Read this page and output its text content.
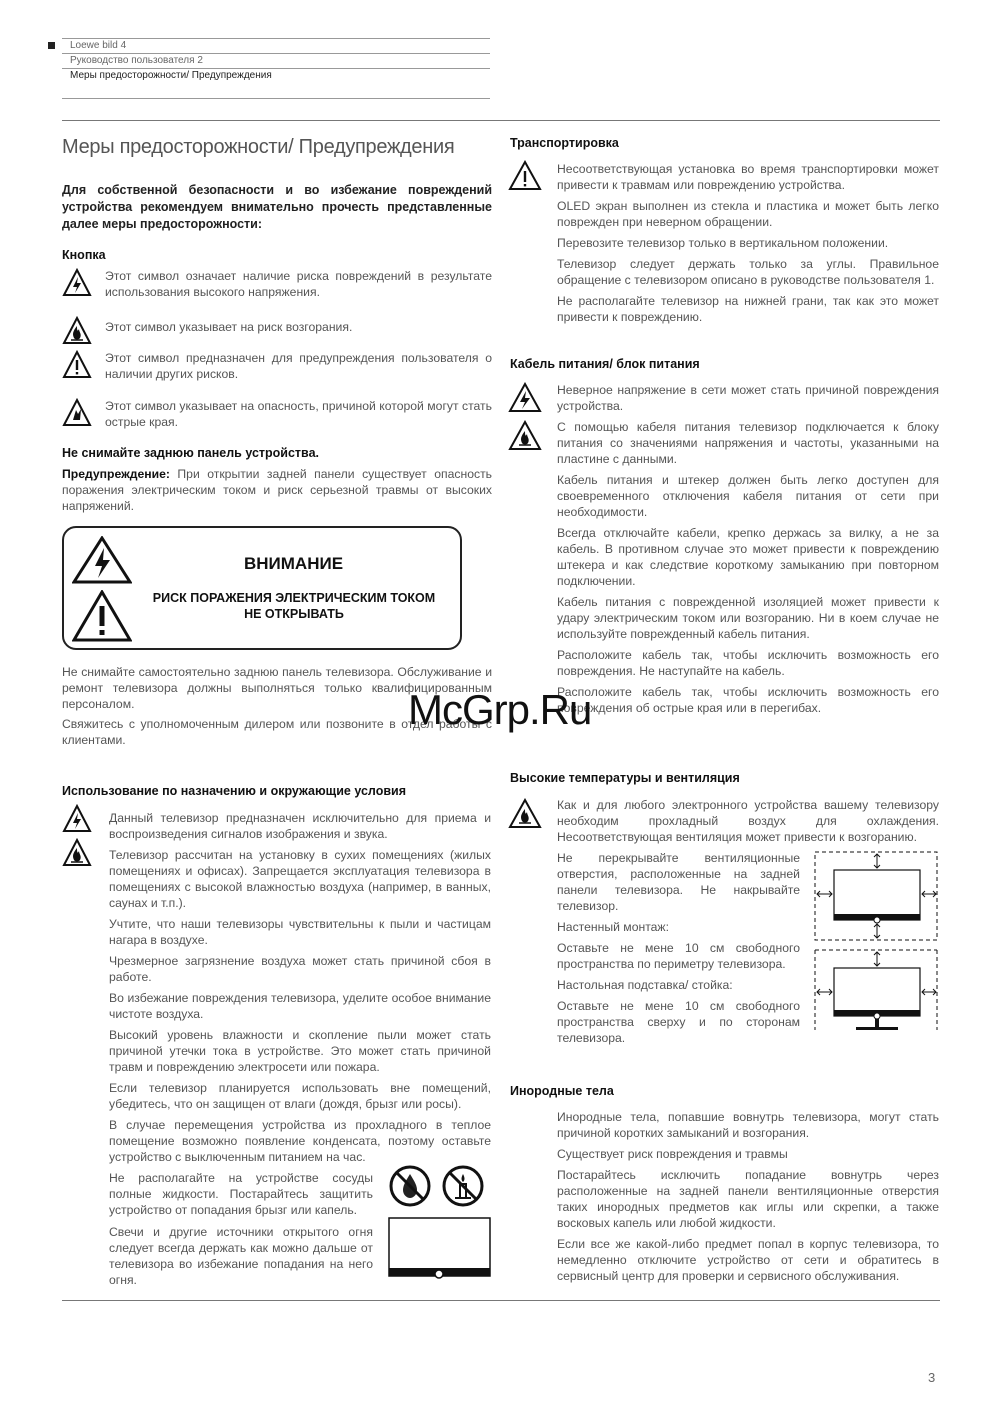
Loewe bild 4
Руководство пользователя 2
Меры предосторожности/ Предупреждения
Меры предосторожности/ Предупреждения
Для собственной безопасности и во избежание повреждений устройства рекомендуем внимательно прочесть представленные далее меры предосторожности:
Кнопка

Этот символ означает наличие риска повреждений в результате использования высокого напряжения.

Этот символ указывает на риск возгорания.

Этот символ предназначен для предупреждения пользователя о наличии других рисков.

Этот символ указывает на опасность, причиной которой могут стать острые края.

Не снимайте заднюю панель устройства.

Предупреждение: При открытии задней панели существует опасность поражения электрическим током и риск серьезной травмы от высоких напряжений.

ВНИМАНИЕ
РИСК ПОРАЖЕНИЯ ЭЛЕКТРИЧЕСКИМ ТОКОМ
НЕ ОТКРЫВАТЬ

Не снимайте самостоятельно заднюю панель телевизора. Обслуживание и ремонт телевизора должны выполняться только квалифицированным персоналом.

Свяжитесь с уполномоченным дилером или позвоните в отдел работы с клиентами.

Использование по назначению и окружающие условия

Данный телевизор предназначен исключительно для приема и воспроизведения сигналов изображения и звука.

Телевизор рассчитан на установку в сухих помещениях (жилых помещениях и офисах). Запрещается эксплуатация телевизора в помещениях с высокой влажностью воздуха (например, в ванных, саунах и т.п.).

Учтите, что наши телевизоры чувствительны к пыли и частицам нагара в воздухе.

Чрезмерное загрязнение воздуха может стать причиной сбоя в работе.

Во избежание повреждения телевизора, уделите особое внимание чистоте воздуха.

Высокий уровень влажности и скопление пыли может стать причиной утечки тока в устройстве. Это может стать причиной травм и повреждению электросети или пожара.

Если телевизор планируется использовать вне помещений, убедитесь, что он защищен от влаги (дождя, брызг или росы).

В случае перемещения устройства из прохладного в теплое помещение возможно появление конденсата, поэтому оставьте устройство с выключенным питанием на час.

Не располагайте на устройстве сосуды полные жидкости. Постарайтесь защитить устройство от попадания брызг или капель.

Свечи и другие источники открытого огня следует всегда держать как можно дальше от телевизора во избежание попадания на него огня.

Транспортировка

Несоответствующая установка во время транспортировки может привести к травмам или повреждению устройства.

OLED экран выполнен из стекла и пластика и может быть легко поврежден при неверном обращении.

Перевозите телевизор только в вертикальном положении.

Телевизор следует держать только за углы. Правильное обращение с телевизором описано в руководстве пользователя 1.

Не располагайте телевизор на нижней грани, так как это может привести к повреждению.

Кабель питания/ блок питания

Неверное напряжение в сети может стать причиной повреждения устройства.

С помощью кабеля питания телевизор подключается к блоку питания со значениями напряжения и частоты, указанными на пластине с данными.

Кабель питания и штекер должен быть легко доступен для своевременного отключения кабеля питания от сети при необходимости.

Всегда отключайте кабели, крепко держась за вилку, а не за кабель. В противном случае это может привести к повреждению штекера и как следствие короткому замыканию при повторном подключении.

Кабель питания с поврежденной изоляцией может привести к удару электрическим током или возгоранию. Ни в коем случае не используйте поврежденный кабель питания.

Расположите кабель так, чтобы исключить возможность его повреждения. Не наступайте на кабель.

Расположите кабель так, чтобы исключить возможность его повреждения об острые края или в перегибах.

McGrp.Ru
Высокие температуры и вентиляция

Как и для любого электронного устройства вашему телевизору необходим прохладный воздух для охлаждения. Несоответствующая вентиляция может привести к возгоранию.

Не перекрывайте вентиляционные отверстия, расположенные на задней панели телевизора. Не накрывайте телевизор.

Настенный монтаж:

Оставьте не мене 10 см свободного пространства по периметру телевизора.

Настольная подставка/ стойка:

Оставьте не мене 10 см свободного пространства сверху и по сторонам телевизора.

Инородные тела

Инородные тела, попавшие вовнутрь телевизора, могут стать причиной коротких замыканий и возгорания.

Существует риск повреждения и травмы

Постарайтесь исключить попадание вовнутрь через расположенные на задней панели вентиляционные отверстия таких инородных предметов как иглы или скрепки, а также восковых капель или любой жидкости.

Если все же какой-либо предмет попал в корпус телевизора, то немедленно отключите устройство от сети и обратитесь в сервисный центр для проверки и сервисного обслуживания.

3
